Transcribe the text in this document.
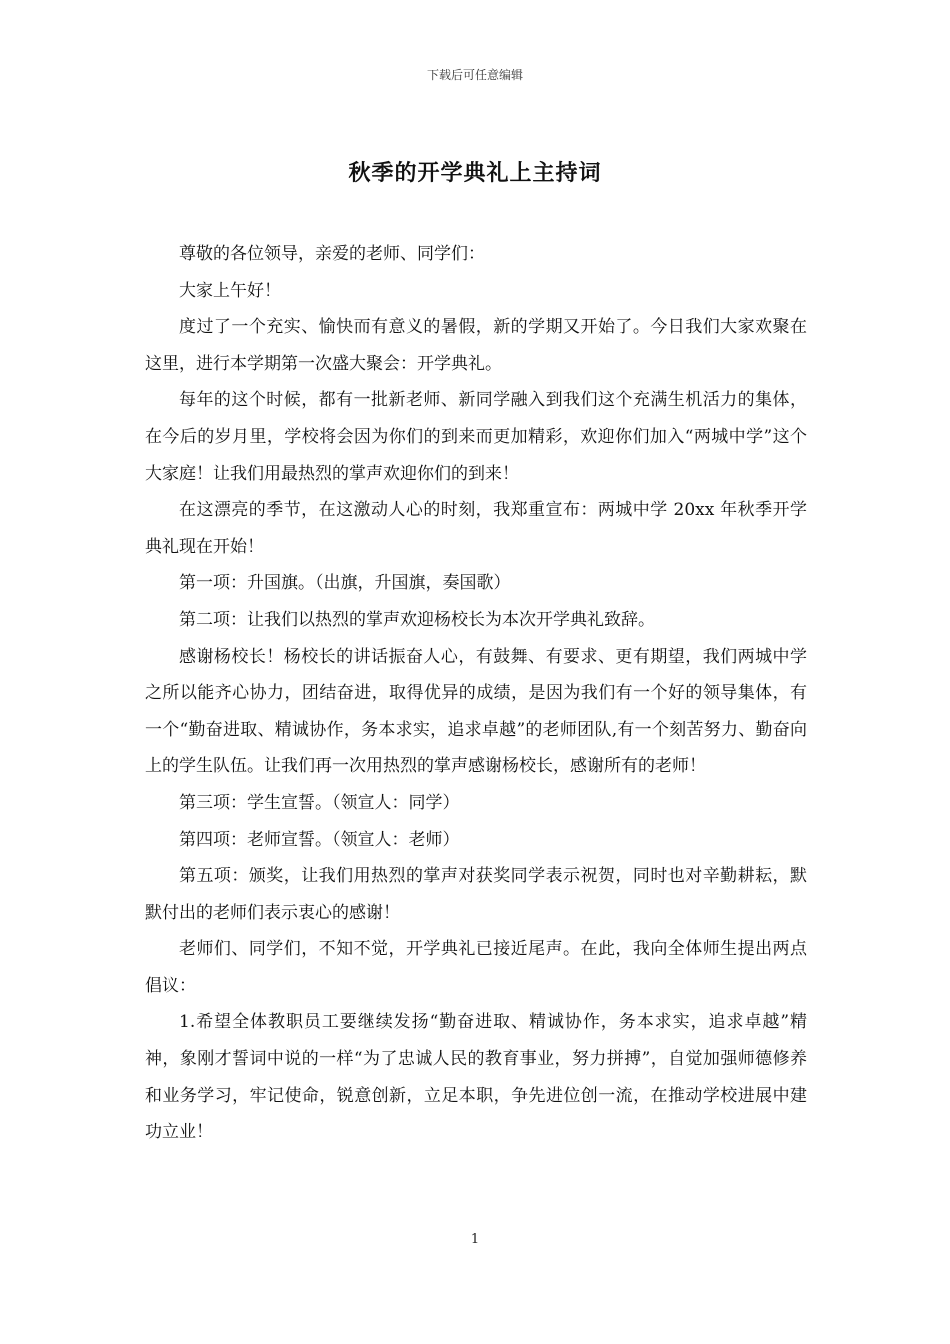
下载后可任意编辑
秋季的开学典礼上主持词

尊敬的各位领导，亲爱的老师、同学们：

大家上午好！

度过了一个充实、愉快而有意义的暑假，新的学期又开始了。今日我们大家欢聚在这里，进行本学期第一次盛大聚会：开学典礼。

每年的这个时候，都有一批新老师、新同学融入到我们这个充满生机活力的集体，在今后的岁月里，学校将会因为你们的到来而更加精彩，欢迎你们加入“两城中学”这个大家庭！让我们用最热烈的掌声欢迎你们的到来！

在这漂亮的季节，在这激动人心的时刻，我郑重宣布：两城中学 20xx 年秋季开学典礼现在开始！

第一项：升国旗。（出旗，升国旗，奏国歌）

第二项：让我们以热烈的掌声欢迎杨校长为本次开学典礼致辞。

感谢杨校长！杨校长的讲话振奋人心，有鼓舞、有要求、更有期望，我们两城中学之所以能齐心协力，团结奋进，取得优异的成绩，是因为我们有一个好的领导集体，有一个“勤奋进取、精诚协作，务本求实，追求卓越”的老师团队,有一个刻苦努力、勤奋向上的学生队伍。让我们再一次用热烈的掌声感谢杨校长，感谢所有的老师！

第三项：学生宣誓。（领宣人：同学）

第四项：老师宣誓。（领宣人：老师）

第五项：颁奖，让我们用热烈的掌声对获奖同学表示祝贺，同时也对辛勤耕耘，默默付出的老师们表示衷心的感谢！

老师们、同学们，不知不觉，开学典礼已接近尾声。在此，我向全体师生提出两点倡议：

1.希望全体教职员工要继续发扬“勤奋进取、精诚协作，务本求实，追求卓越”精神，象刚才誓词中说的一样“为了忠诚人民的教育事业，努力拼搏”，自觉加强师德修养和业务学习，牢记使命，锐意创新，立足本职，争先进位创一流，在推动学校进展中建功立业！

1
